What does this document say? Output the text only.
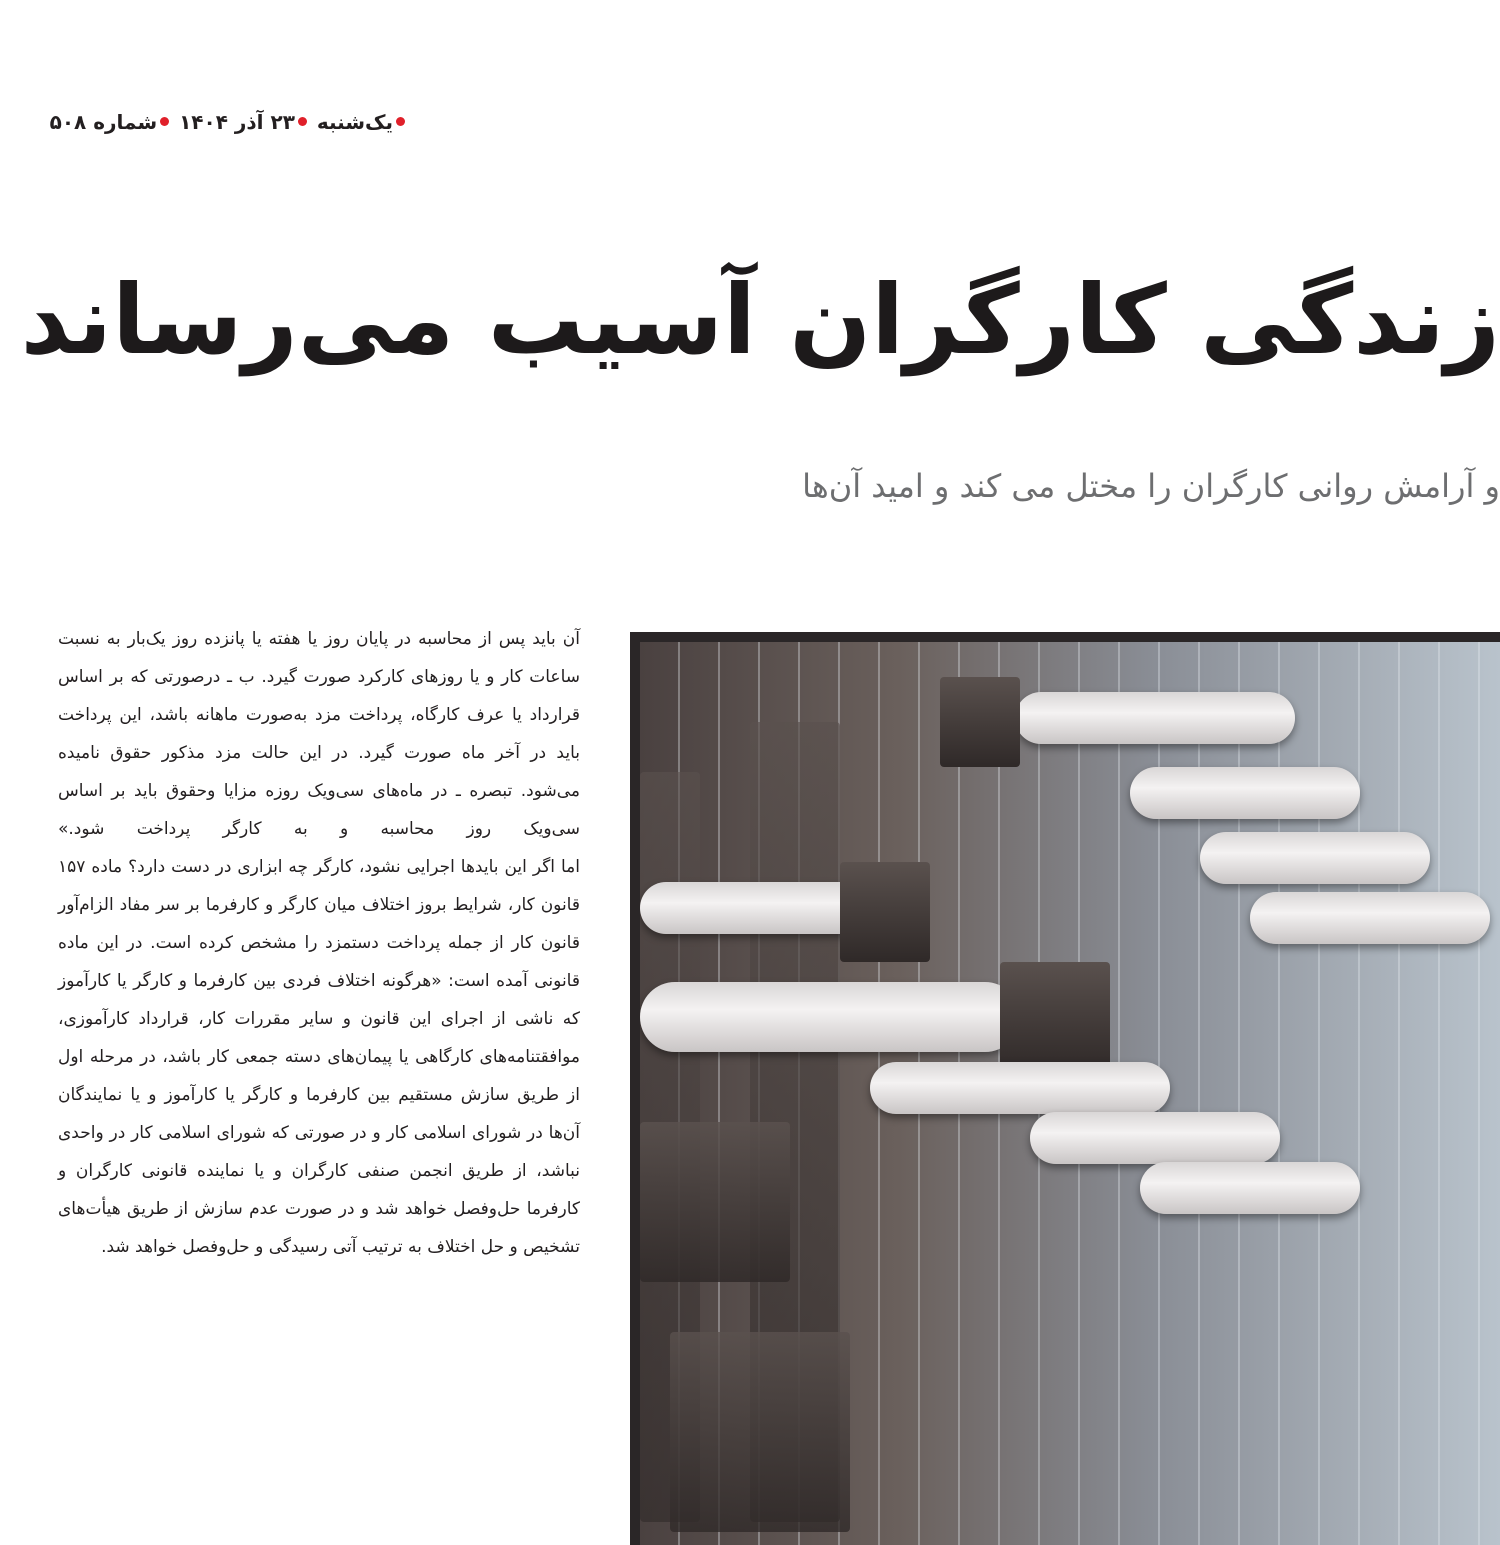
یک‌شنبه ۲۳ آذر ۱۴۰۴ شماره ۵۰۸
زندگی کارگران آسیب می‌رساند
و آرامش روانی کارگران را مختل می کند و امید آن‌ها

آن باید پس از محاسبه در پایان روز یا هفته یا پانزده روز یک‌بار به نسبت ساعات کار و یا روزهای کارکرد صورت گیرد. ب ـ درصورتی که بر اساس قرارداد یا عرف کارگاه، پرداخت مزد به‌صورت ماهانه باشد، این پرداخت باید در آخر ماه صورت گیرد. در این حالت مزد مذکور حقوق نامیده می‌شود. تبصره ـ در ماه‌های سی‌ویک روزه مزایا وحقوق باید بر اساس سی‌ویک روز محاسبه و به کارگر پرداخت شود.»

اما اگر این بایدها اجرایی نشود، کارگر چه ابزاری در دست دارد؟ ماده ۱۵۷ قانون کار، شرایط بروز اختلاف میان کارگر و کارفرما بر سر مفاد الزام‌آور قانون کار از جمله پرداخت دستمزد را مشخص کرده است. در این ماده قانونی آمده است: «هرگونه اختلاف فردی بین کارفرما و کارگر یا کارآموز که ناشی از اجرای این قانون و سایر مقررات کار، قرارداد کارآموزی، موافقتنامه‌های کارگاهی یا پیمان‌های دسته جمعی کار باشد، در مرحله اول از طریق سازش مستقیم بین کارفرما و کارگر یا کارآموز و یا نمایندگان آن‌ها در شورای اسلامی کار و در صورتی که شورای اسلامی کار در واحدی نباشد، از طریق انجمن صنفی کارگران و یا نماینده قانونی کارگران و کارفرما حل‌وفصل خواهد شد و در صورت عدم سازش از طریق هیأت‌های تشخیص و حل اختلاف به ترتیب آتی رسیدگی و حل‌وفصل خواهد شد.
